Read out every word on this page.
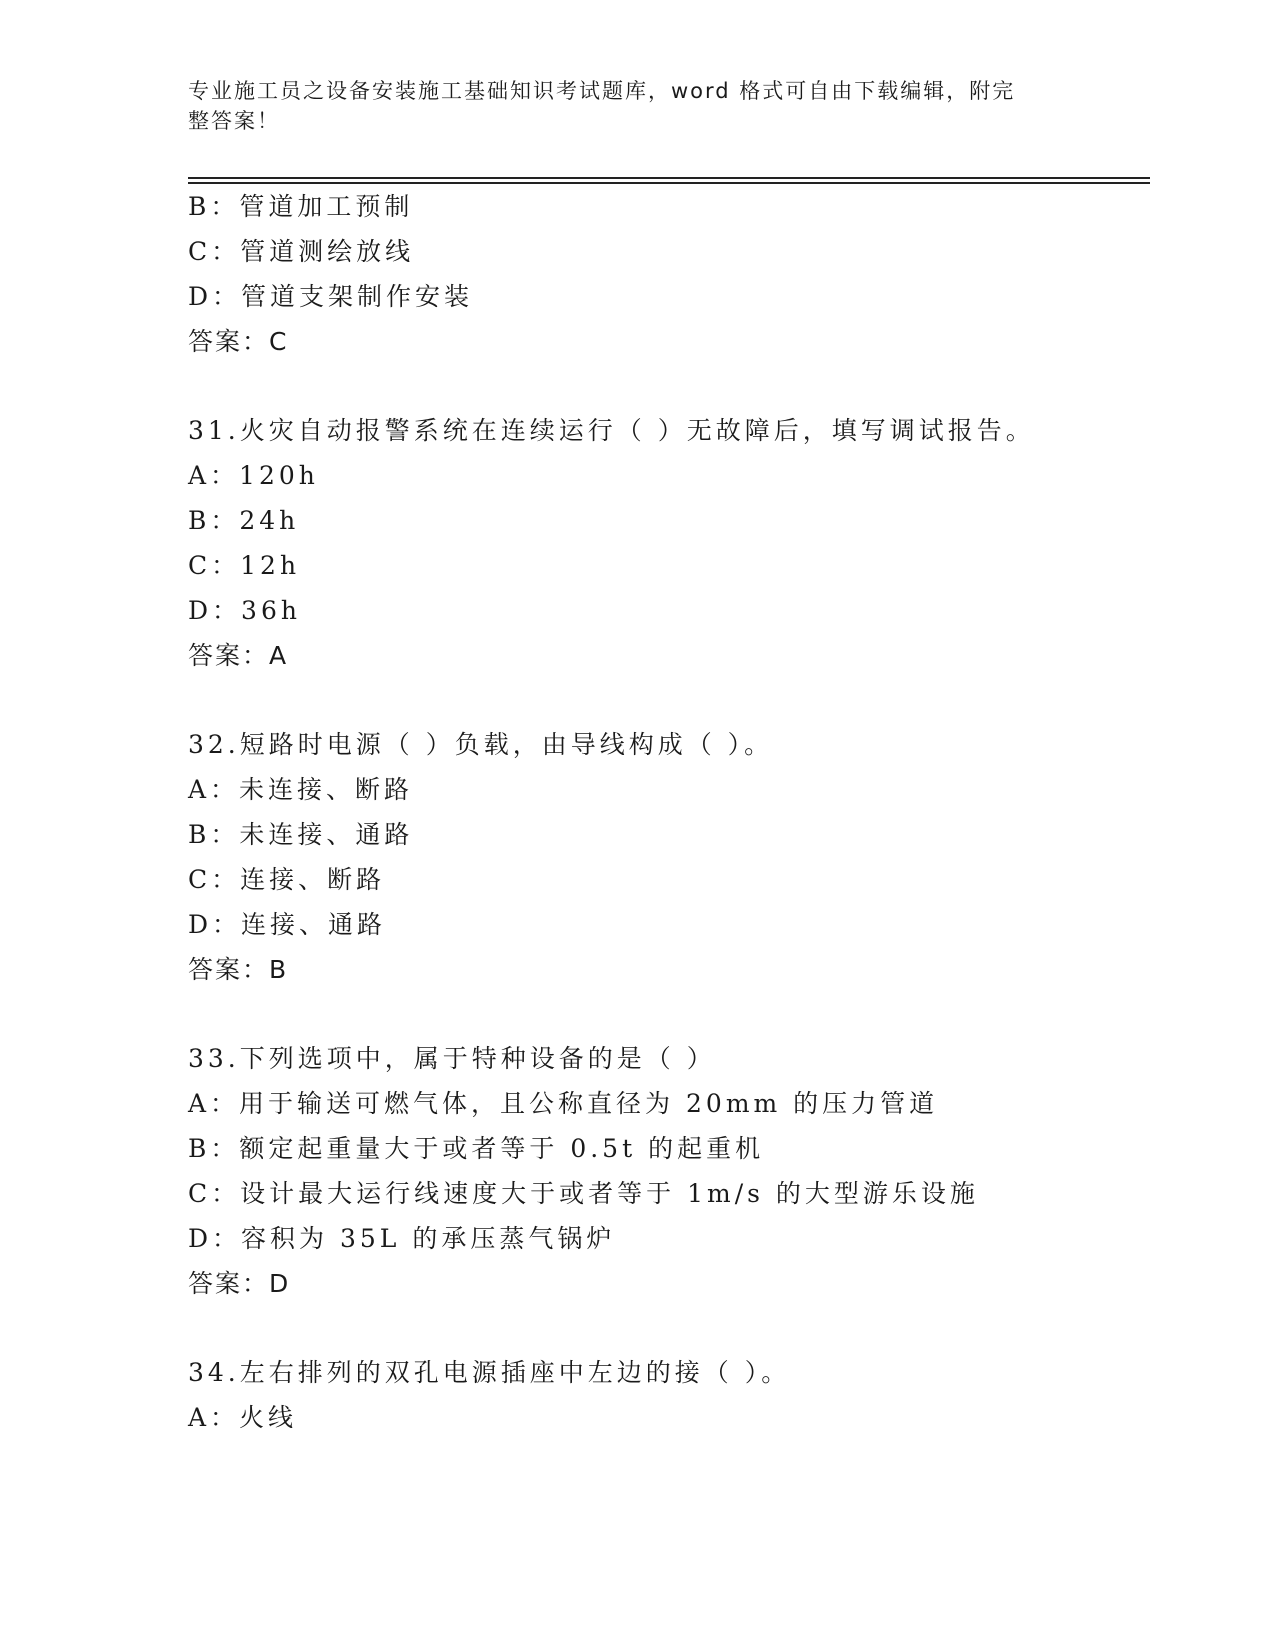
专业施工员之设备安装施工基础知识考试题库，word 格式可自由下载编辑，附完
整答案！
B：管道加工预制
C：管道测绘放线
D：管道支架制作安装
答案：C
31.火灾自动报警系统在连续运行（ ）无故障后，填写调试报告。
A：120h
B：24h
C：12h
D：36h
答案：A
32.短路时电源（ ）负载，由导线构成（ ）。
A：未连接、断路
B：未连接、通路
C：连接、断路
D：连接、通路
答案：B
33.下列选项中，属于特种设备的是（ ）
A：用于输送可燃气体，且公称直径为 20mm 的压力管道
B：额定起重量大于或者等于 0.5t 的起重机
C：设计最大运行线速度大于或者等于 1m/s 的大型游乐设施
D：容积为 35L 的承压蒸气锅炉
答案：D
34.左右排列的双孔电源插座中左边的接（ ）。
A：火线
